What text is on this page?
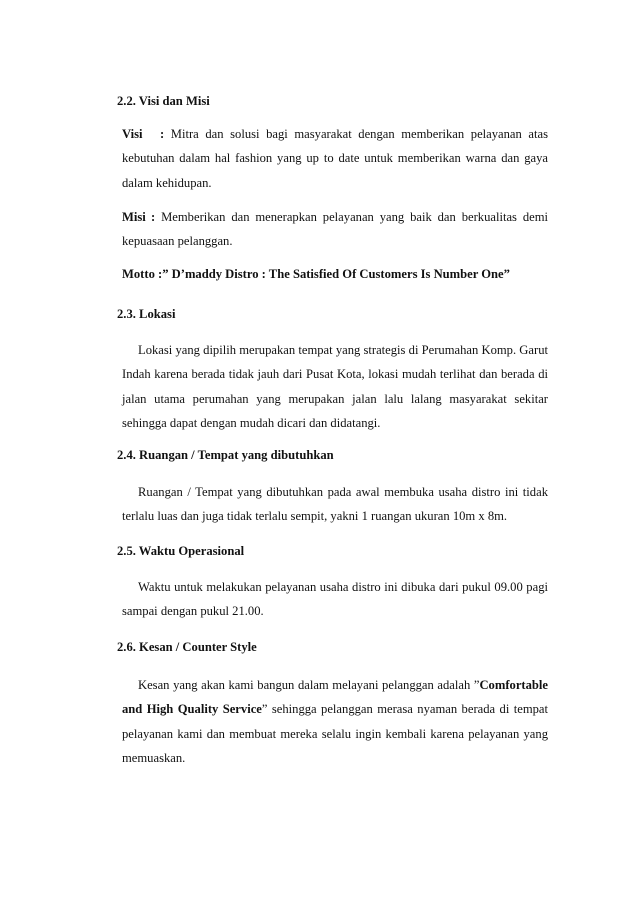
2.2. Visi dan Misi
Visi : Mitra dan solusi bagi masyarakat dengan memberikan pelayanan atas kebutuhan dalam hal fashion yang up to date untuk memberikan warna dan gaya dalam kehidupan.
Misi : Memberikan dan menerapkan pelayanan yang baik dan berkualitas demi kepuasaan pelanggan.
Motto :” D’maddy Distro : The Satisfied Of Customers Is Number One”
2.3. Lokasi
Lokasi yang dipilih merupakan tempat yang strategis di Perumahan Komp. Garut Indah karena berada tidak jauh dari Pusat Kota, lokasi mudah terlihat dan berada di jalan utama perumahan yang merupakan jalan lalu lalang masyarakat sekitar sehingga dapat dengan mudah dicari dan didatangi.
2.4. Ruangan / Tempat yang dibutuhkan
Ruangan / Tempat yang dibutuhkan pada awal membuka usaha distro ini tidak terlalu luas dan juga tidak terlalu sempit, yakni 1 ruangan ukuran 10m x 8m.
2.5. Waktu Operasional
Waktu untuk melakukan pelayanan usaha distro ini dibuka dari pukul 09.00 pagi sampai dengan pukul 21.00.
2.6. Kesan / Counter Style
Kesan yang akan kami bangun dalam melayani pelanggan adalah ”Comfortable and High Quality Service” sehingga pelanggan merasa nyaman berada di tempat pelayanan kami dan membuat mereka selalu ingin kembali karena pelayanan yang memuaskan.
